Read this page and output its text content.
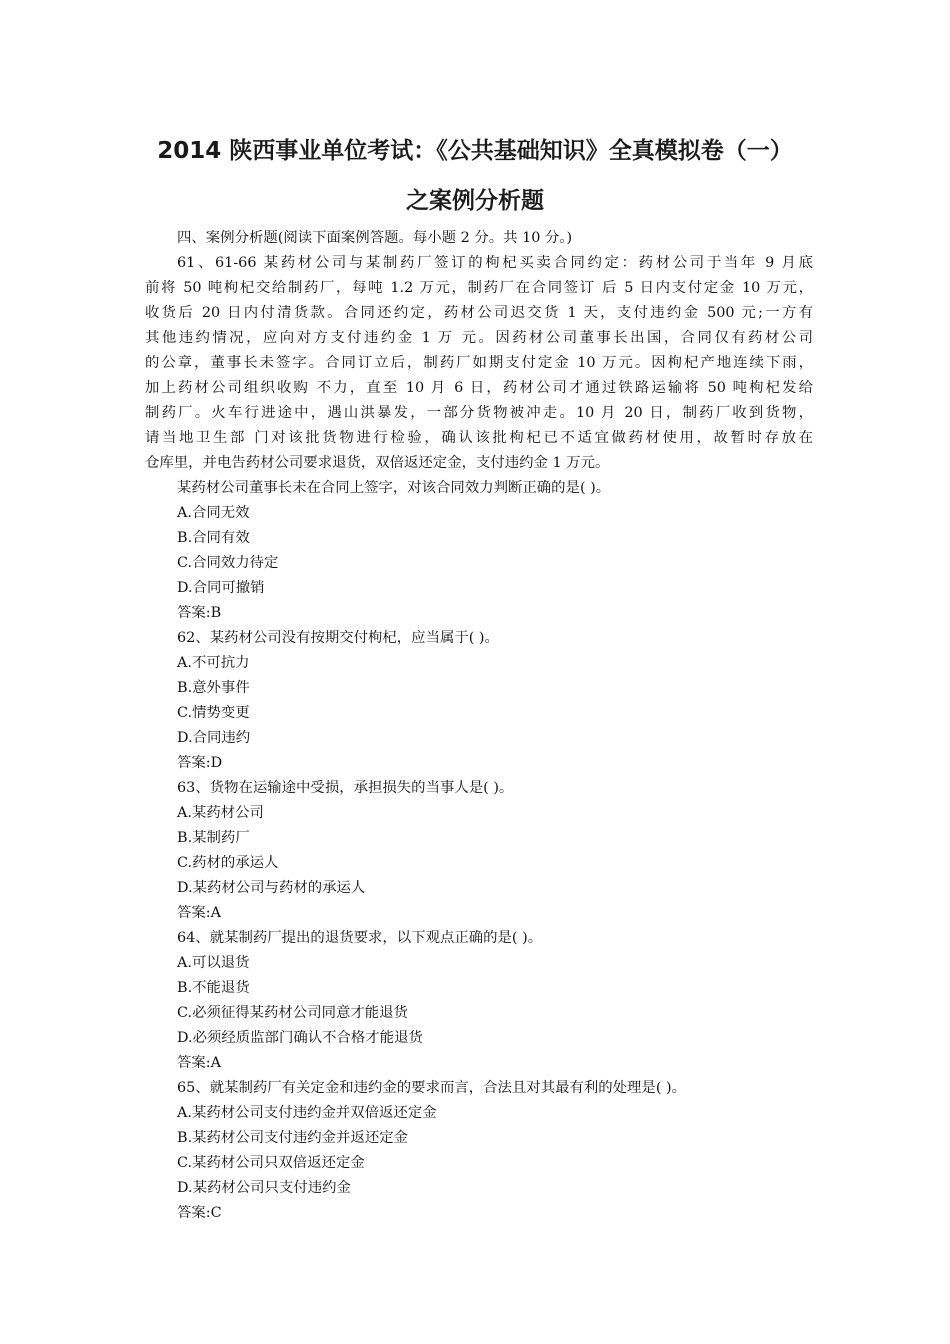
2014 陕西事业单位考试：《公共基础知识》全真模拟卷（一）
之案例分析题
四、案例分析题(阅读下面案例答题。每小题 2 分。共 10 分。)
61、61-66 某药材公司与某制药厂签订的枸杞买卖合同约定：药材公司于当年 9 月底
前将 50 吨枸杞交给制药厂，每吨 1.2 万元，制药厂在合同签订 后 5 日内支付定金 10 万元，
收货后 20 日内付清货款。合同还约定，药材公司迟交货 1 天，支付违约金 500 元;一方有
其他违约情况，应向对方支付违约金 1 万 元。因药材公司董事长出国，合同仅有药材公司
的公章，董事长未签字。合同订立后，制药厂如期支付定金 10 万元。因枸杞产地连续下雨，
加上药材公司组织收购 不力，直至 10 月 6 日，药材公司才通过铁路运输将 50 吨枸杞发给
制药厂。火车行进途中，遇山洪暴发，一部分货物被冲走。10 月 20 日，制药厂收到货物，
请当地卫生部 门对该批货物进行检验，确认该批枸杞已不适宜做药材使用，故暂时存放在
仓库里，并电告药材公司要求退货，双倍返还定金，支付违约金 1 万元。
某药材公司董事长未在合同上签字，对该合同效力判断正确的是( )。
A.合同无效
B.合同有效
C.合同效力待定
D.合同可撤销
答案:B
62、某药材公司没有按期交付枸杞，应当属于( )。
A.不可抗力
B.意外事件
C.情势变更
D.合同违约
答案:D
63、货物在运输途中受损，承担损失的当事人是( )。
A.某药材公司
B.某制药厂
C.药材的承运人
D.某药材公司与药材的承运人
答案:A
64、就某制药厂提出的退货要求，以下观点正确的是( )。
A.可以退货
B.不能退货
C.必须征得某药材公司同意才能退货
D.必须经质监部门确认不合格才能退货
答案:A
65、就某制药厂有关定金和违约金的要求而言，合法且对其最有利的处理是( )。
A.某药材公司支付违约金并双倍返还定金
B.某药材公司支付违约金并返还定金
C.某药材公司只双倍返还定金
D.某药材公司只支付违约金
答案:C
